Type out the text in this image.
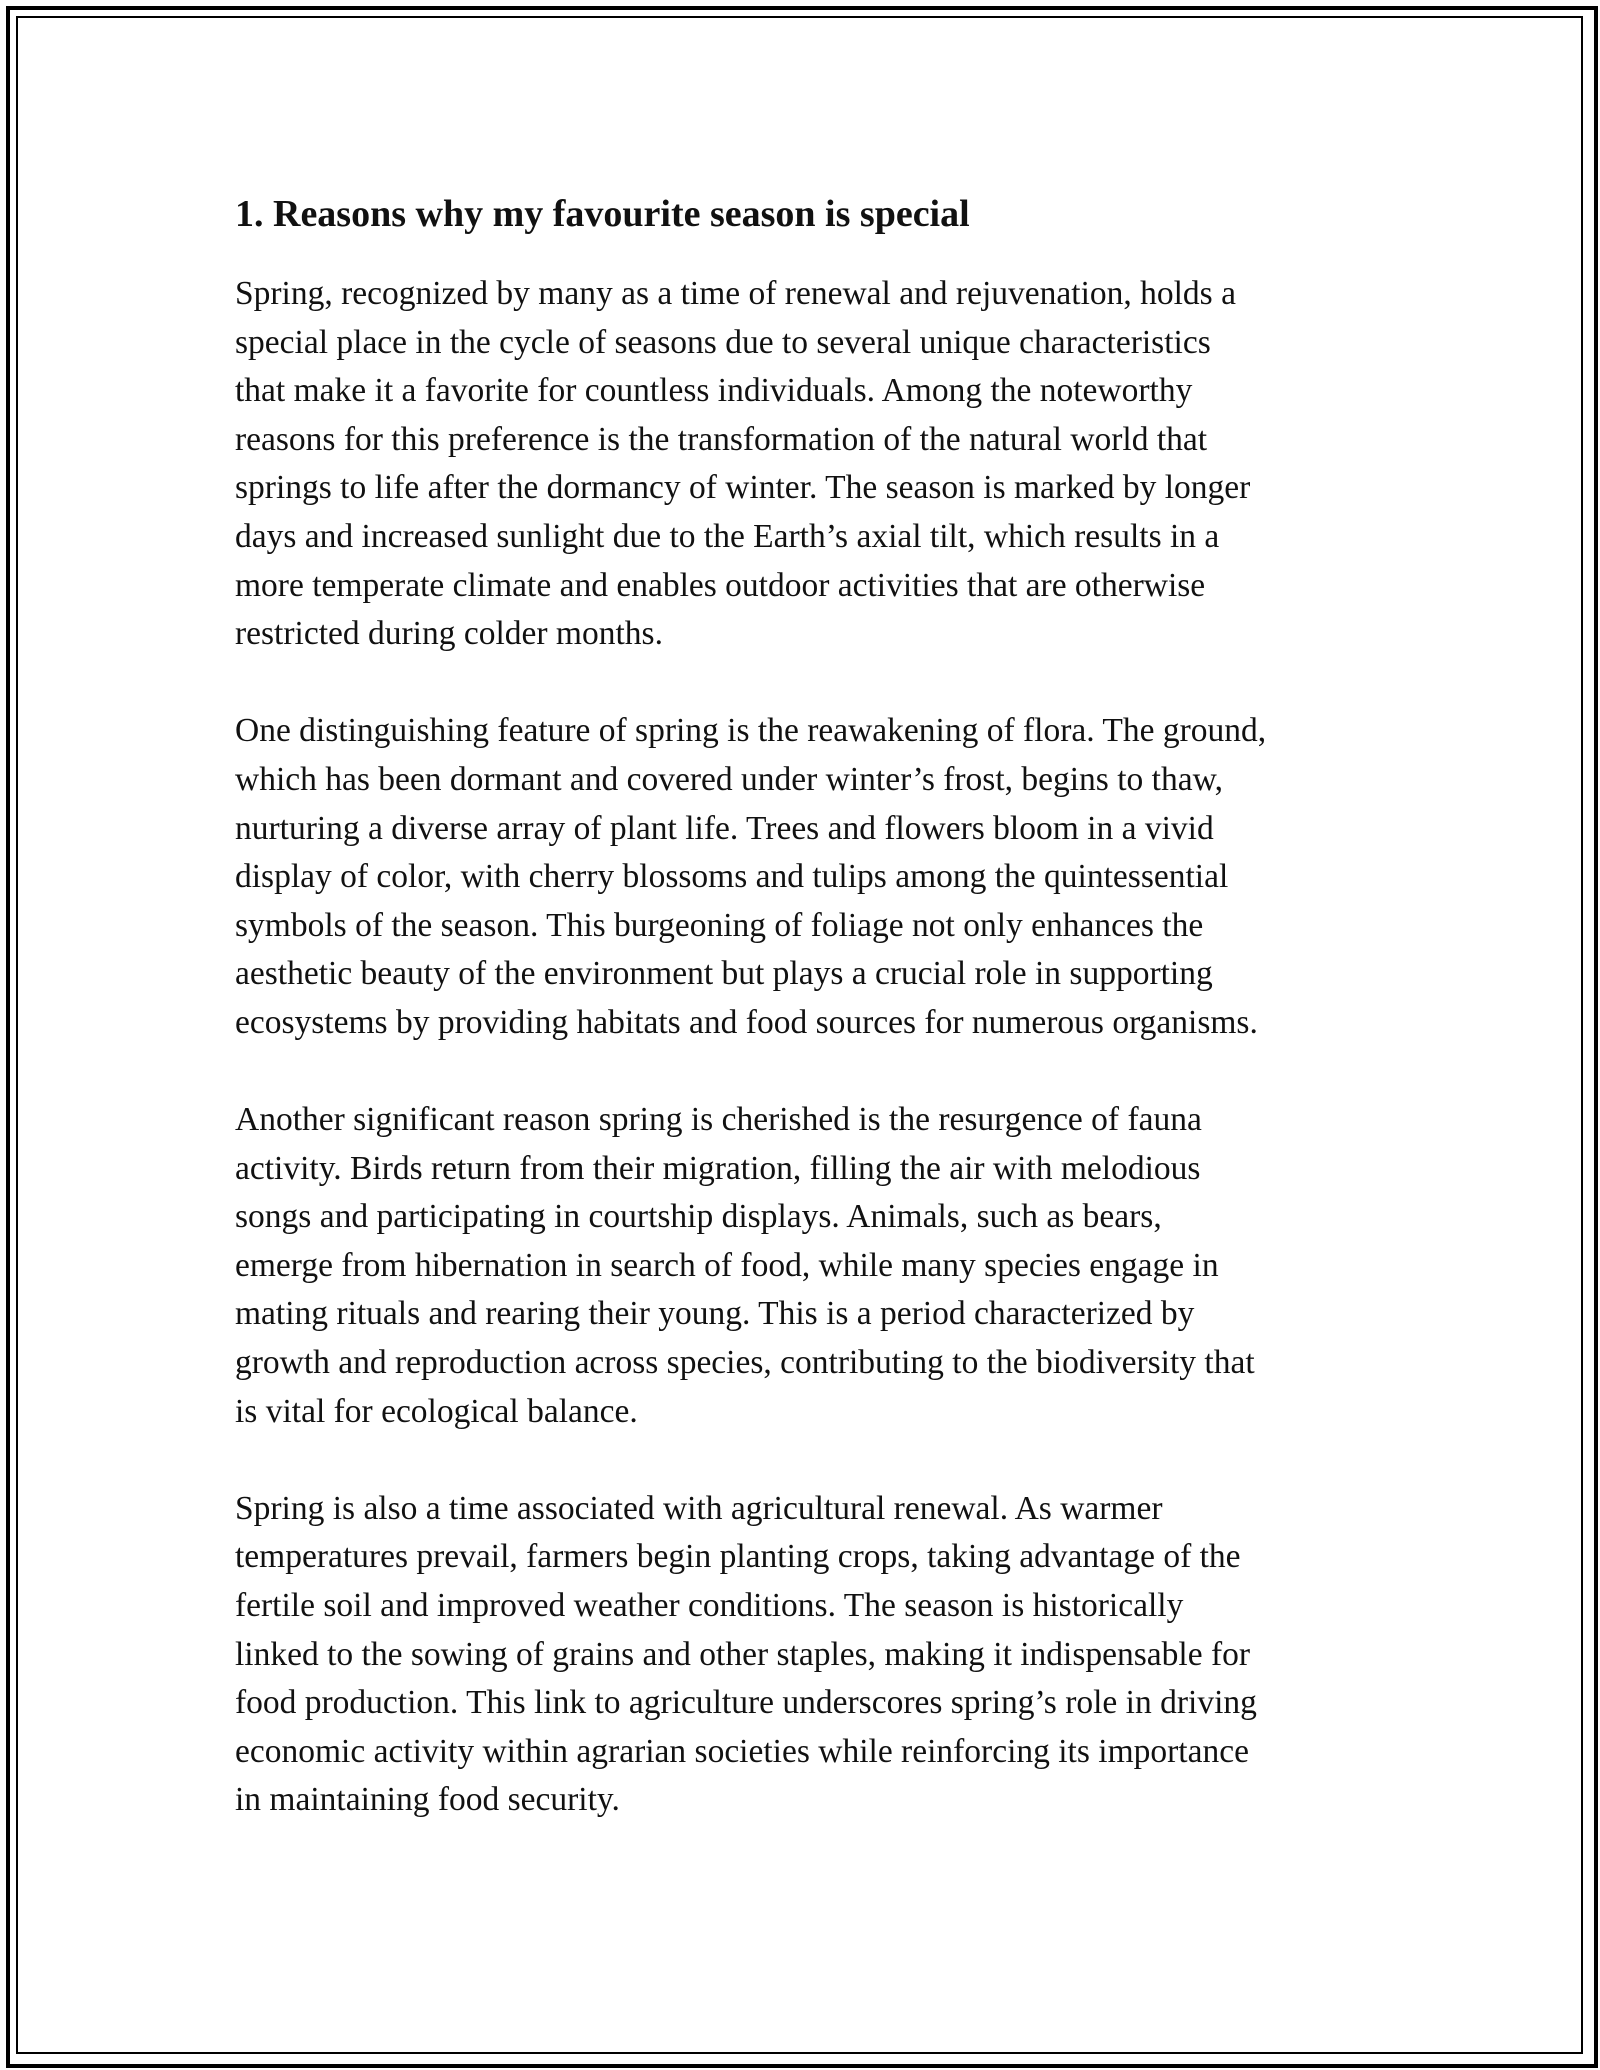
1. Reasons why my favourite season is special

Spring, recognized by many as a time of renewal and rejuvenation, holds a
special place in the cycle of seasons due to several unique characteristics
that make it a favorite for countless individuals. Among the noteworthy
reasons for this preference is the transformation of the natural world that
springs to life after the dormancy of winter. The season is marked by longer
days and increased sunlight due to the Earth’s axial tilt, which results in a
more temperate climate and enables outdoor activities that are otherwise
restricted during colder months.

One distinguishing feature of spring is the reawakening of flora. The ground,
which has been dormant and covered under winter’s frost, begins to thaw,
nurturing a diverse array of plant life. Trees and flowers bloom in a vivid
display of color, with cherry blossoms and tulips among the quintessential
symbols of the season. This burgeoning of foliage not only enhances the
aesthetic beauty of the environment but plays a crucial role in supporting
ecosystems by providing habitats and food sources for numerous organisms.

Another significant reason spring is cherished is the resurgence of fauna
activity. Birds return from their migration, filling the air with melodious
songs and participating in courtship displays. Animals, such as bears,
emerge from hibernation in search of food, while many species engage in
mating rituals and rearing their young. This is a period characterized by
growth and reproduction across species, contributing to the biodiversity that
is vital for ecological balance.

Spring is also a time associated with agricultural renewal. As warmer
temperatures prevail, farmers begin planting crops, taking advantage of the
fertile soil and improved weather conditions. The season is historically
linked to the sowing of grains and other staples, making it indispensable for
food production. This link to agriculture underscores spring’s role in driving
economic activity within agrarian societies while reinforcing its importance
in maintaining food security.
